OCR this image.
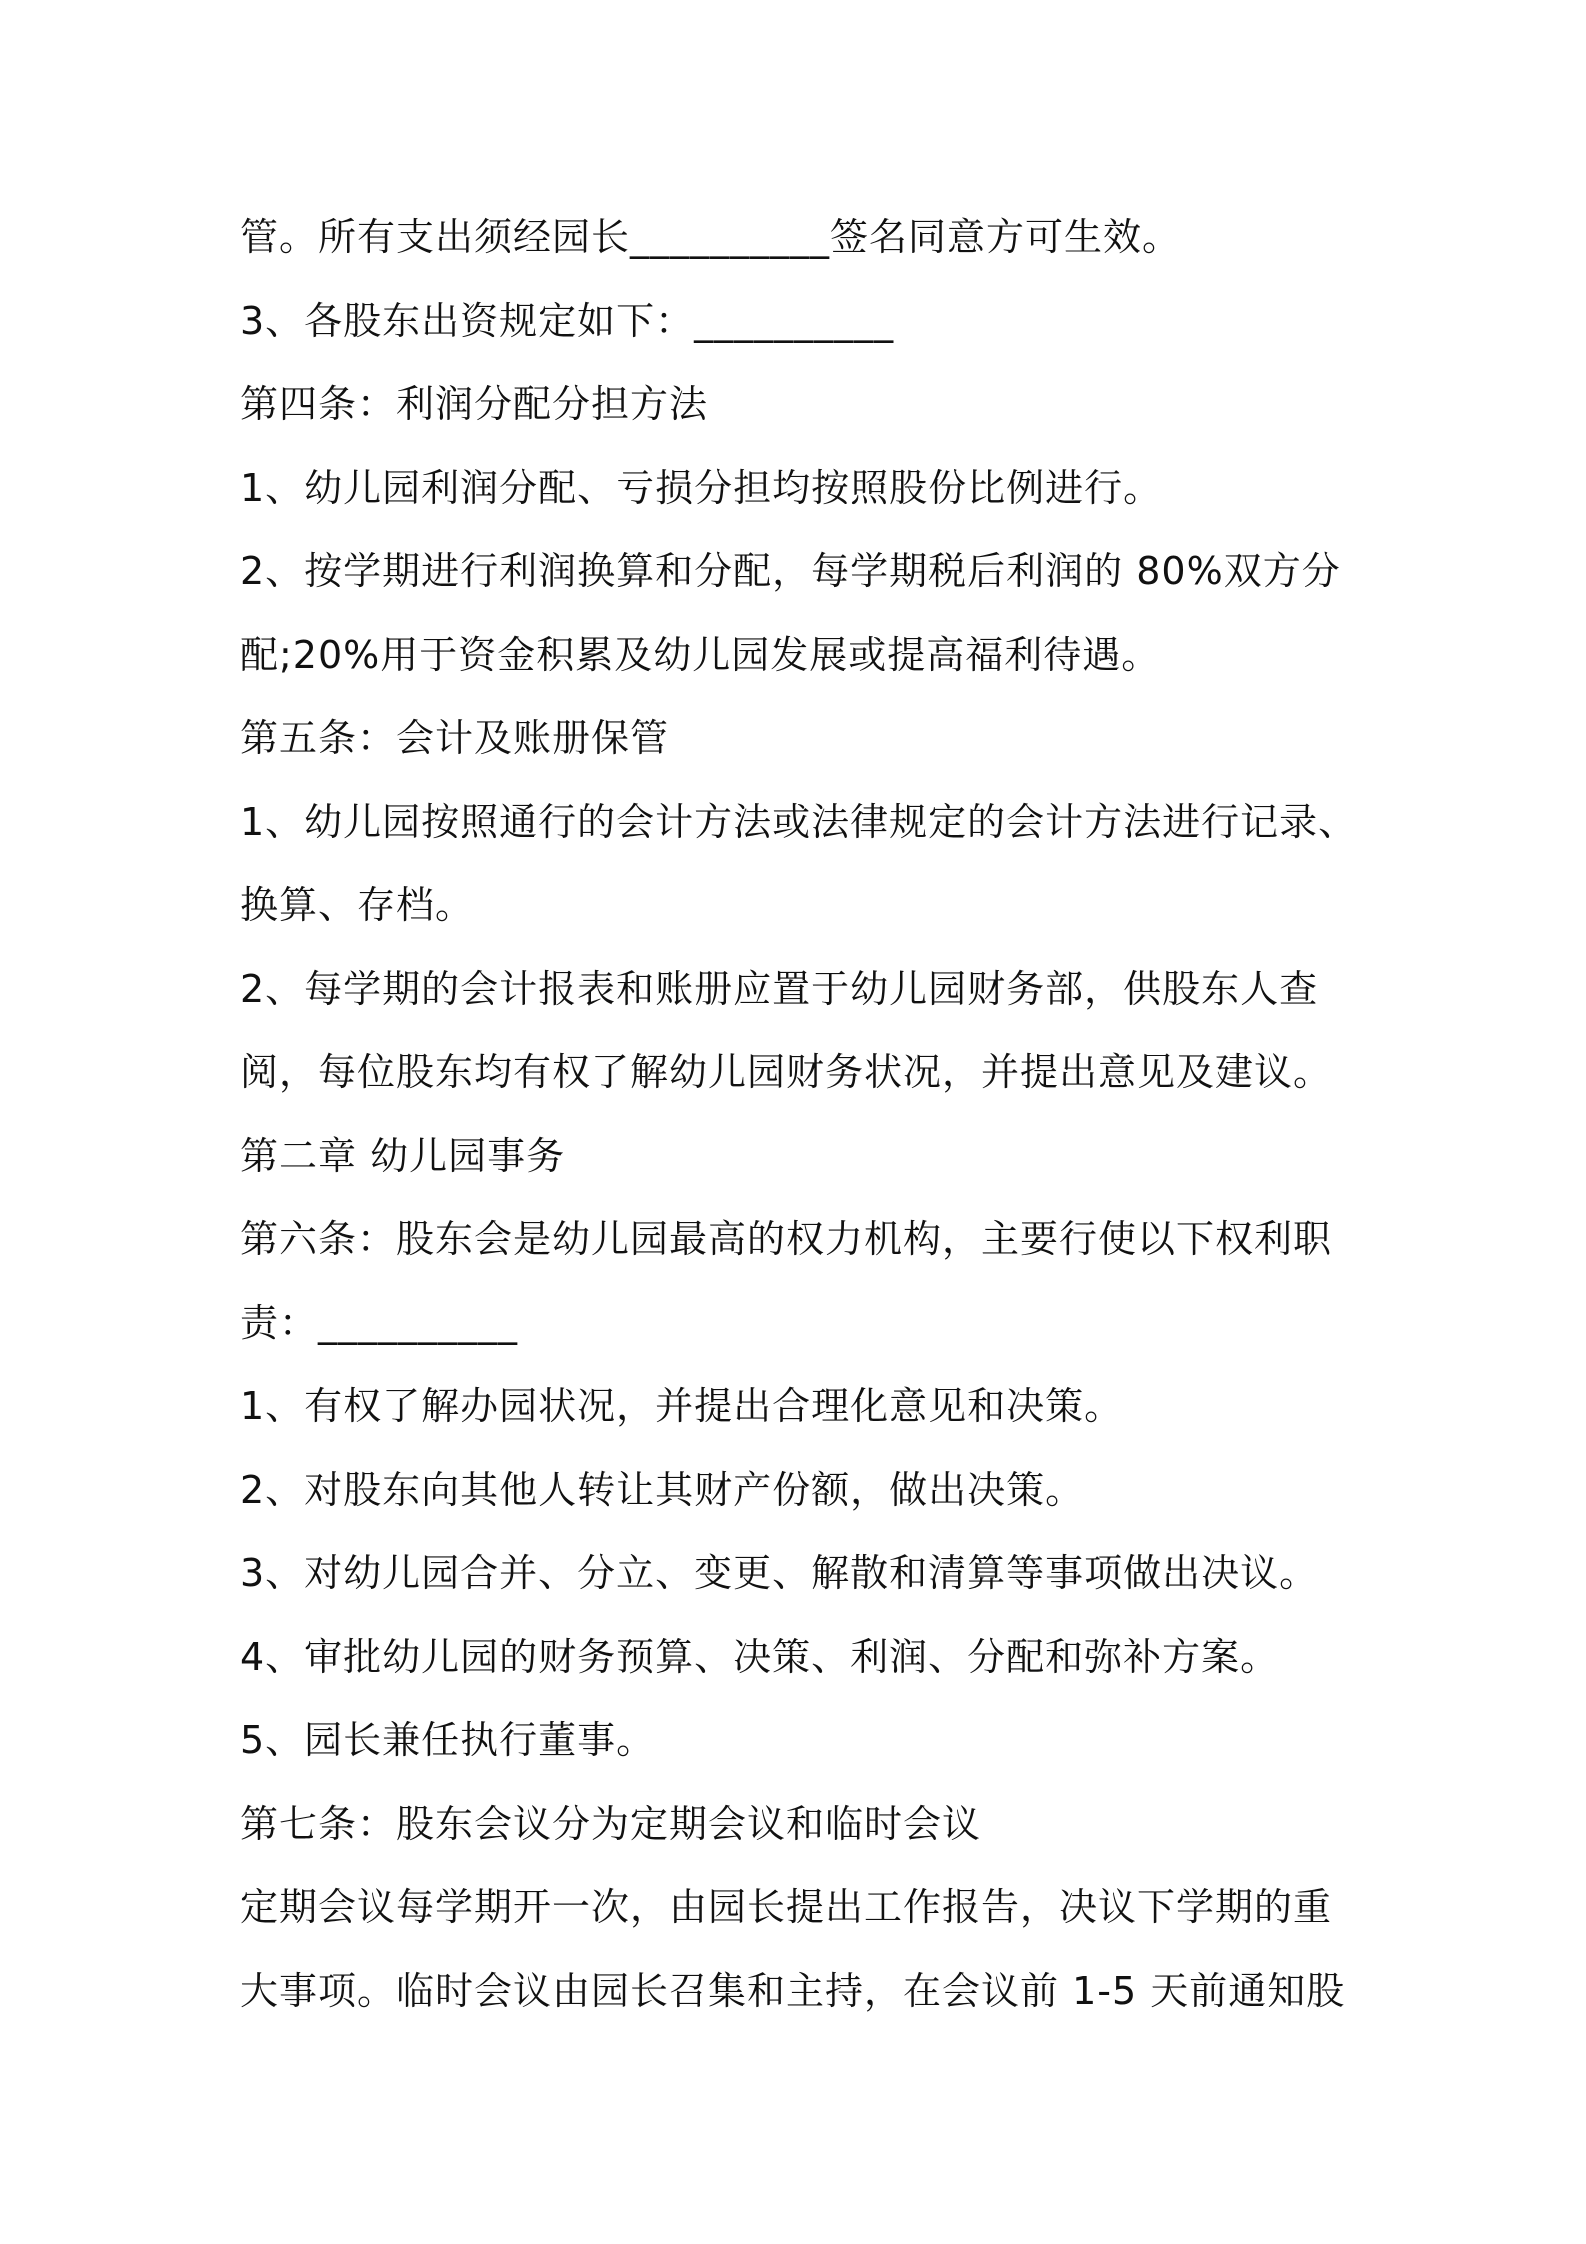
管。所有支出须经园长__________签名同意方可生效。
3、各股东出资规定如下：__________
第四条：利润分配分担方法
1、幼儿园利润分配、亏损分担均按照股份比例进行。
2、按学期进行利润换算和分配，每学期税后利润的 80%双方分
配;20%用于资金积累及幼儿园发展或提高福利待遇。
第五条：会计及账册保管
1、幼儿园按照通行的会计方法或法律规定的会计方法进行记录、
换算、存档。
2、每学期的会计报表和账册应置于幼儿园财务部，供股东人查
阅，每位股东均有权了解幼儿园财务状况，并提出意见及建议。
第二章 幼儿园事务
第六条：股东会是幼儿园最高的权力机构，主要行使以下权利职
责：__________
1、有权了解办园状况，并提出合理化意见和决策。
2、对股东向其他人转让其财产份额，做出决策。
3、对幼儿园合并、分立、变更、解散和清算等事项做出决议。
4、审批幼儿园的财务预算、决策、利润、分配和弥补方案。
5、园长兼任执行董事。
第七条：股东会议分为定期会议和临时会议
定期会议每学期开一次，由园长提出工作报告，决议下学期的重
大事项。临时会议由园长召集和主持，在会议前 1-5 天前通知股
